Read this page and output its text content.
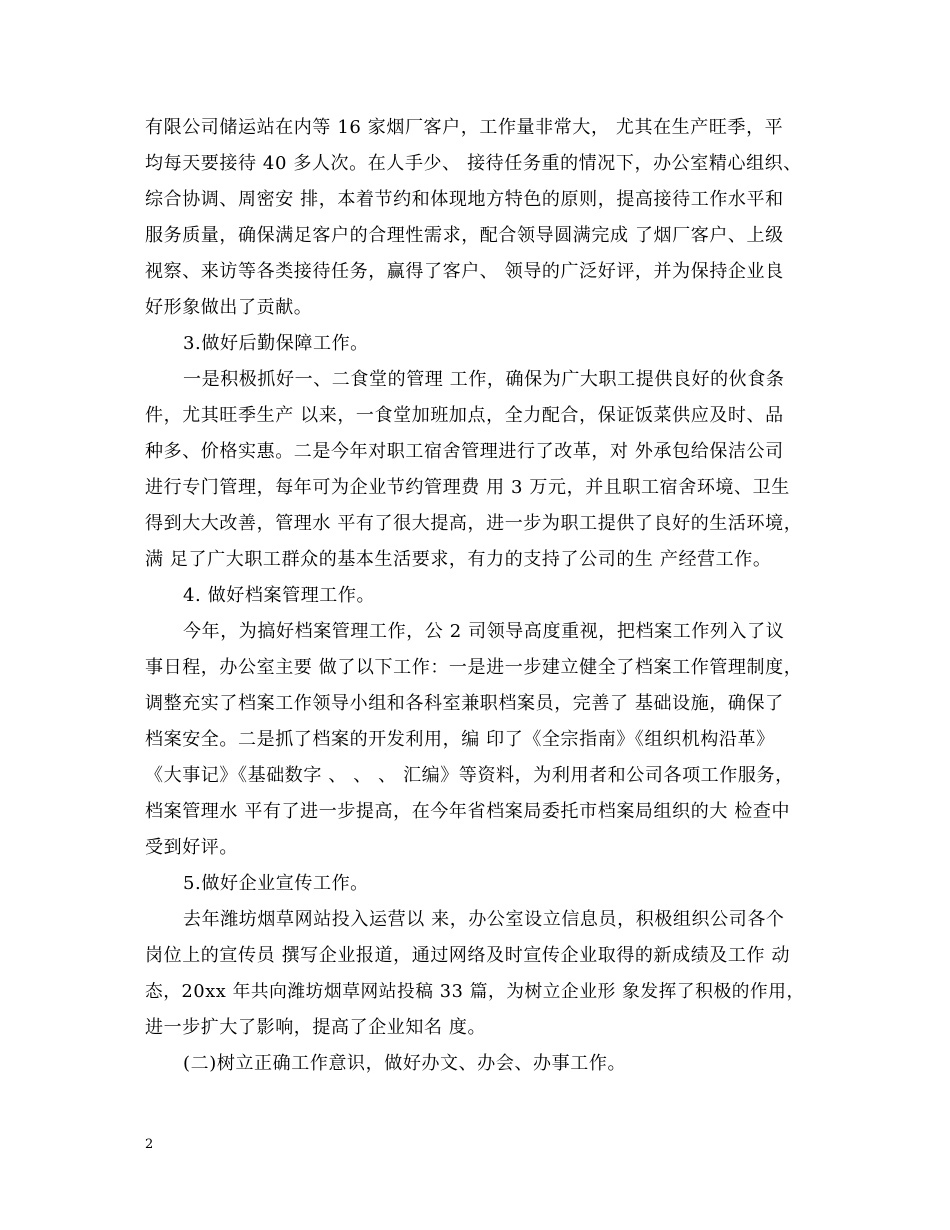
有限公司储运站在内等 16 家烟厂客户，工作量非常大， 尤其在生产旺季，平
均每天要接待 40 多人次。在人手少、 接待任务重的情况下，办公室精心组织、
综合协调、周密安 排，本着节约和体现地方特色的原则，提高接待工作水平和
服务质量，确保满足客户的合理性需求，配合领导圆满完成 了烟厂客户、上级
视察、来访等各类接待任务，赢得了客户、 领导的广泛好评，并为保持企业良
好形象做出了贡献。
3.做好后勤保障工作。
一是积极抓好一、二食堂的管理 工作，确保为广大职工提供良好的伙食条
件，尤其旺季生产 以来，一食堂加班加点，全力配合，保证饭菜供应及时、品
种多、价格实惠。二是今年对职工宿舍管理进行了改革，对 外承包给保洁公司
进行专门管理，每年可为企业节约管理费 用 3 万元，并且职工宿舍环境、卫生
得到大大改善，管理水 平有了很大提高，进一步为职工提供了良好的生活环境，
满 足了广大职工群众的基本生活要求，有力的支持了公司的生 产经营工作。
4. 做好档案管理工作。
今年，为搞好档案管理工作，公 2 司领导高度重视，把档案工作列入了议
事日程，办公室主要 做了以下工作：一是进一步建立健全了档案工作管理制度，
调整充实了档案工作领导小组和各科室兼职档案员，完善了 基础设施，确保了
档案安全。二是抓了档案的开发利用，编 印了《全宗指南》《组织机构沿革》
《大事记》《基础数字 、 、 、 汇编》等资料，为利用者和公司各项工作服务，
档案管理水 平有了进一步提高，在今年省档案局委托市档案局组织的大 检查中
受到好评。
5.做好企业宣传工作。
去年潍坊烟草网站投入运营以 来，办公室设立信息员，积极组织公司各个
岗位上的宣传员 撰写企业报道，通过网络及时宣传企业取得的新成绩及工作 动
态，20xx 年共向潍坊烟草网站投稿 33 篇，为树立企业形 象发挥了积极的作用，
进一步扩大了影响，提高了企业知名 度。
(二)树立正确工作意识，做好办文、办会、办事工作。
2
